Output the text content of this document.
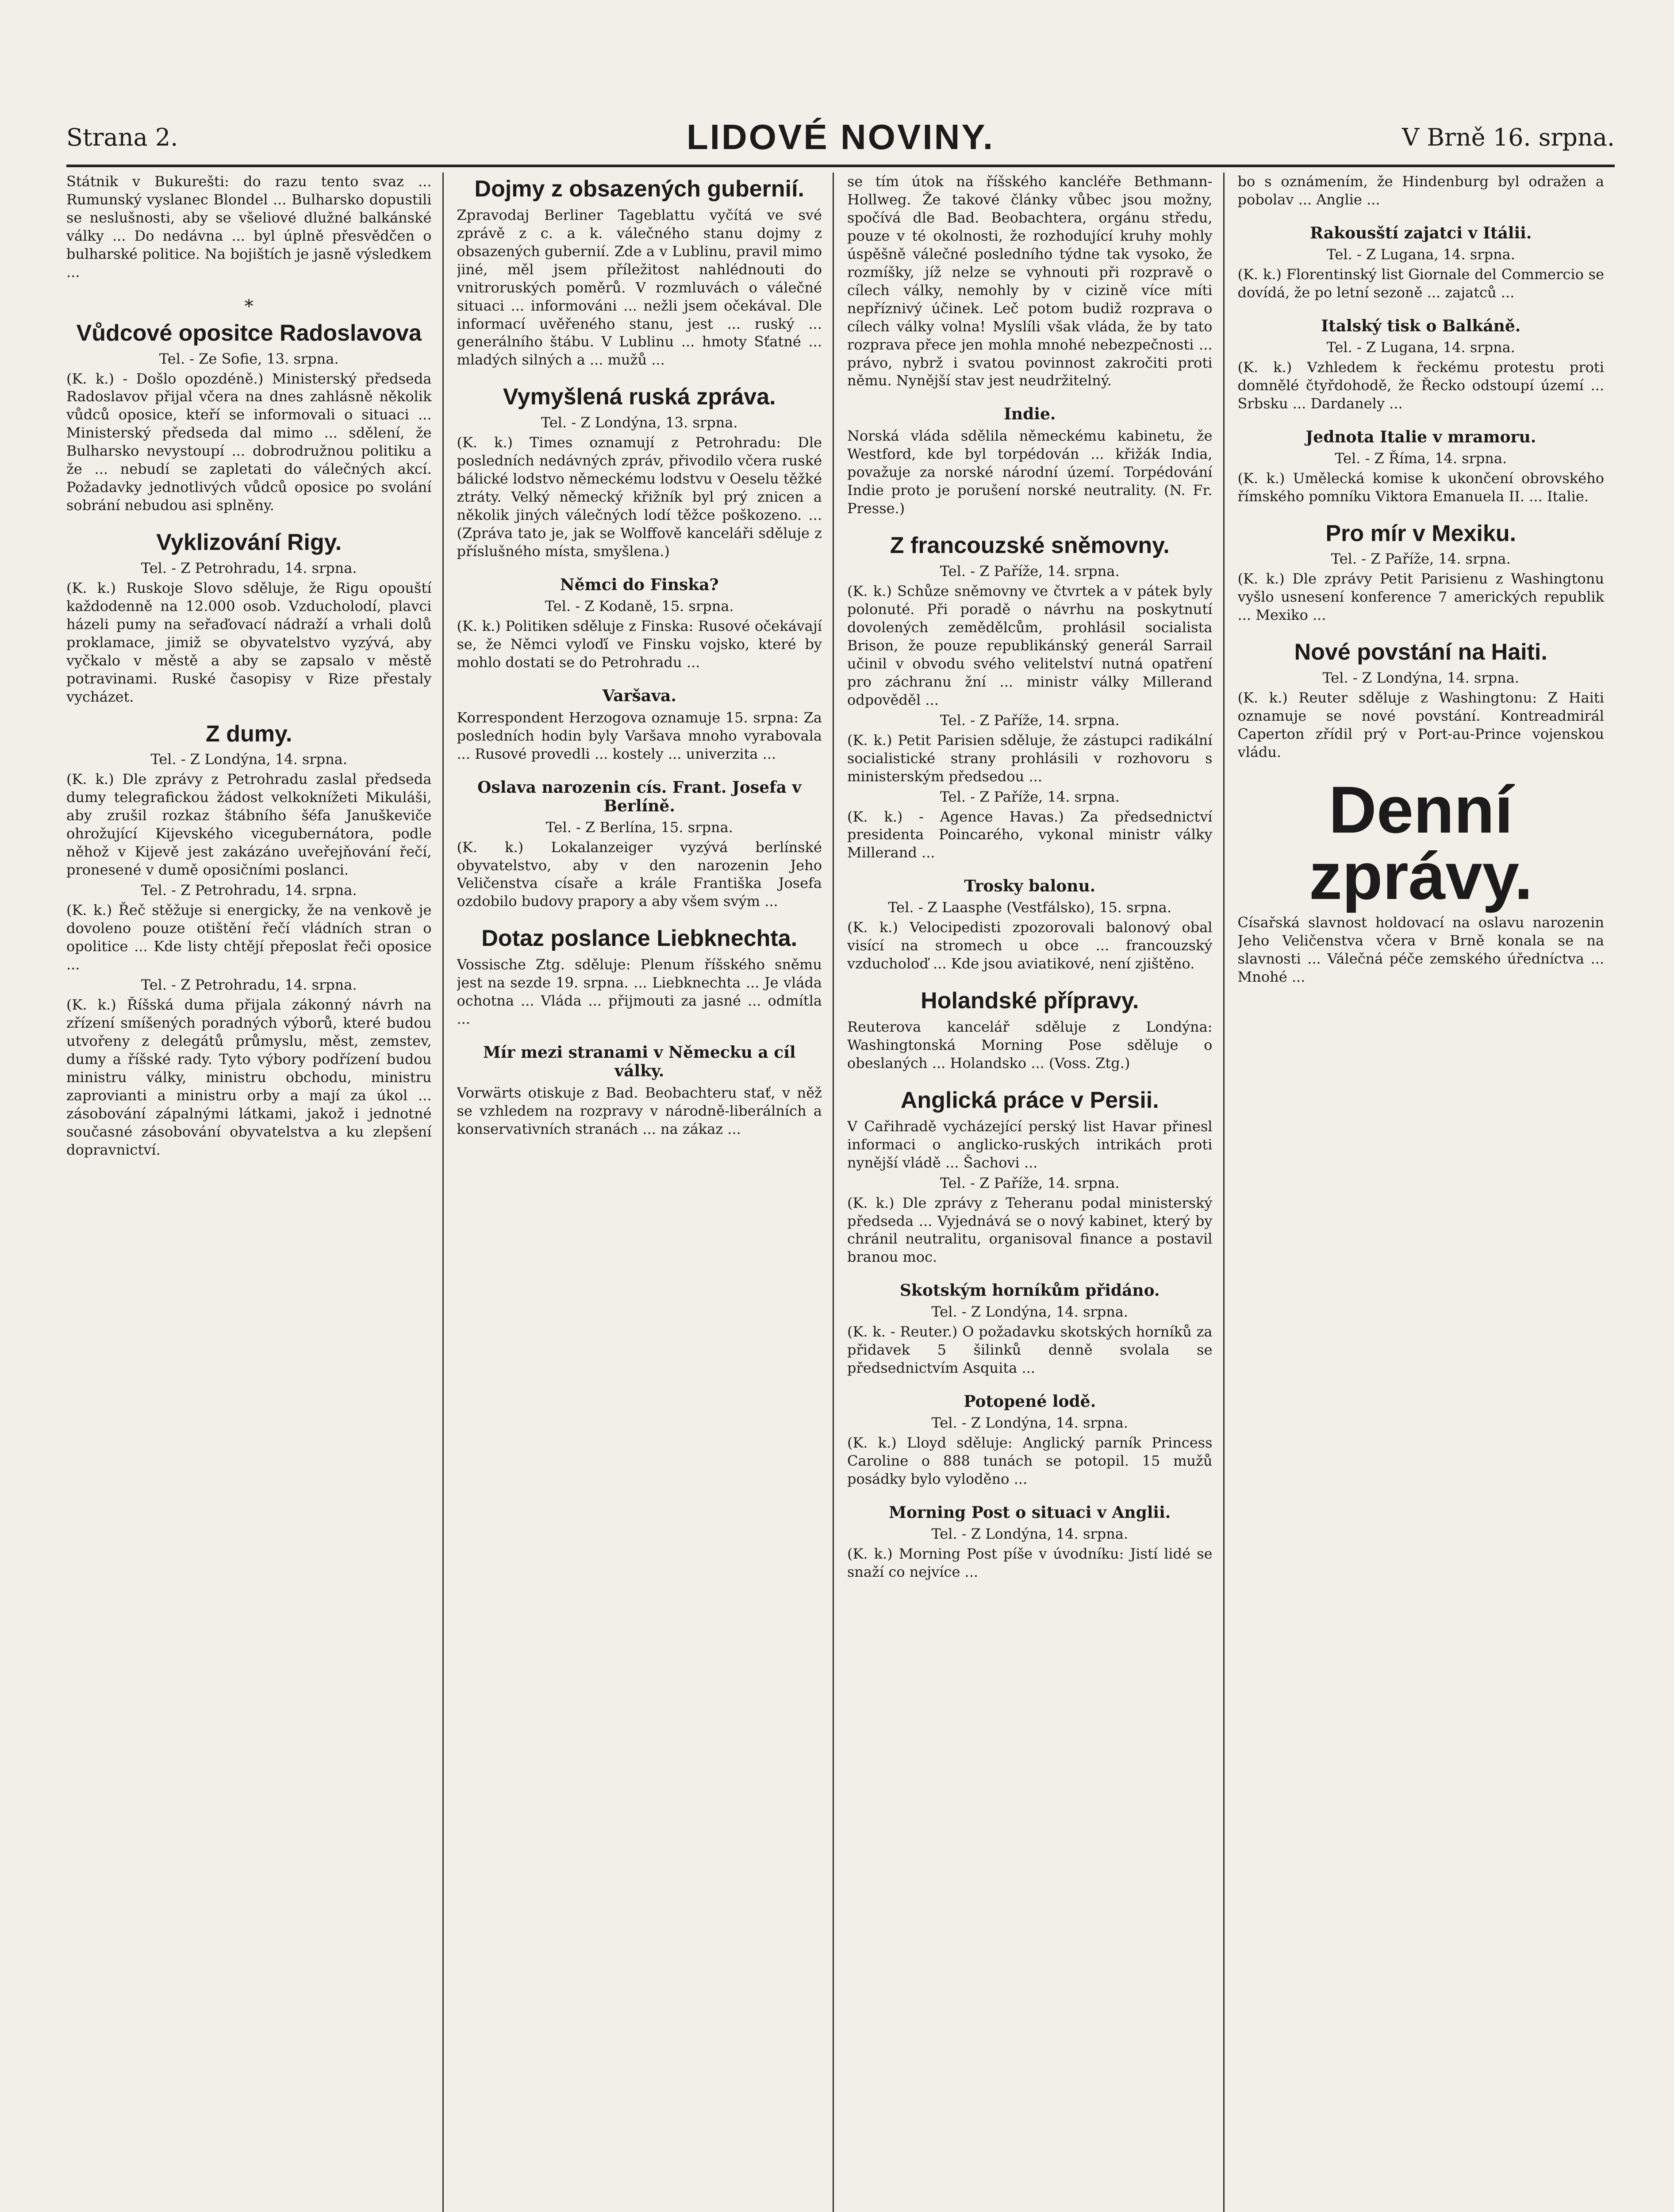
Strana 2.	LIDOVÉ NOVINY.	V Brně 16. srpna.
Státnik v Bukurešti: do razu tento svaz ... Rumunský vyslanec Blondel ... Bulharsko dopustili se neslušnosti, aby se všeliové dlužné balkánské války ... Do nedávna ... byl úplně přesvědčen o bulharské politice. Na bojištích je jasně výsledkem ...
*
Vůdcové opositce Radoslavova
Tel. - Ze Sofie, 13. srpna.
(K. k.) - Došlo opozdéně.) Ministerský předseda Radoslavov přijal včera na dnes zahlásně několik vůdců oposice, kteří se informovali o situaci ... Ministerský předseda dal mimo ... sdělení, že Bulharsko nevystoupí ... dobrodružnou politiku a že ... nebudí se zapletati do válečných akcí. Požadavky jednotlivých vůdců oposice po svolání sobrání nebudou asi splněny.
Vyklizování Rigy.
Tel. - Z Petrohradu, 14. srpna.
(K. k.) Ruskoje Slovo sděluje, že Rigu opouští každodenně na 12.000 osob. Vzducholodí, plavci házeli pumy na seřaďovací nádraží a vrhali dolů proklamace, jimiž se obyvatelstvo vyzývá, aby vyčkalo v městě a aby se zapsalo v městě potravinami. Ruské časopisy v Rize přestaly vycházet.
Z dumy.
Tel. - Z Londýna, 14. srpna.
(K. k.) Dle zprávy z Petrohradu zaslal předseda dumy telegrafickou žádost velkoknížeti Mikuláši, aby zrušil rozkaz štábního šéfa Januškeviče ohrožující Kijevského vicegubernátora, podle něhož v Kijevě jest zakázáno uveřejňování řečí, pronesené v dumě oposičními poslanci.
Tel. - Z Petrohradu, 14. srpna.
(K. k.) Řeč stěžuje si energicky, že na venkově je dovoleno pouze otištění řečí vládních stran o opolitice ... Kde listy chtějí přeposlat řeči oposice ...
Tel. - Z Petrohradu, 14. srpna.
(K. k.) Říšská duma přijala zákonný návrh na zřízení smíšených poradných výborů, které budou utvořeny z delegátů průmyslu, měst, zemstev, dumy a říšské rady. Tyto výbory podřízení budou ministru války, ministru obchodu, ministru zaprovianti a ministru orby a mají za úkol ... zásobování zápalnými látkami, jakož i jednotné současné zásobování obyvatelstva a ku zlepšení dopravnictví.
Dojmy z obsazených gubernií.
Zpravodaj Berliner Tageblattu vyčítá ve své zprávě z c. a k. válečného stanu dojmy z obsazených gubernií. Zde a v Lublinu, pravil mimo jiné, měl jsem příležitost nahlédnouti do vnitroruských poměrů. V rozmluvách o válečné situaci ... informováni ... nežli jsem očekával. Dle informací uvěřeného stanu, jest ... ruský ... generálního štábu. V Lublinu ... hmoty Sťatné ... mladých silných a ... mužů ...
Vymyšlená ruská zpráva.
Tel. - Z Londýna, 13. srpna.
(K. k.) Times oznamují z Petrohradu: Dle posledních nedávných zpráv, přivodilo včera ruské bálické lodstvo německému lodstvu v Oeselu těžké ztráty. Velký německý křižník byl prý znicen a několik jiných válečných lodí těžce poškozeno. ... (Zpráva tato je, jak se Wolffově kanceláři sděluje z příslušného místa, smyšlena.)
Němci do Finska?
Tel. - Z Kodaně, 15. srpna.
(K. k.) Politiken sděluje z Finska: Rusové očekávají se, že Němci vyloďí ve Finsku vojsko, které by mohlo dostati se do Petrohradu ...
Varšava.
Korrespondent Herzogova oznamuje 15. srpna: Za posledních hodin byly Varšava mnoho vyrabovala ... Rusové provedli ... kostely ... univerzita ...
Oslava narozenin cís. Frant. Josefa v Berlíně.
Tel. - Z Berlína, 15. srpna.
(K. k.) Lokalanzeiger vyzývá berlínské obyvatelstvo, aby v den narozenin Jeho Veličenstva císaře a krále Františka Josefa ozdobilo budovy prapory a aby všem svým ...
Dotaz poslance Liebknechta.
Vossische Ztg. sděluje: Plenum říšského sněmu jest na sezde 19. srpna. ... Liebknechta ... Je vláda ochotna ... Vláda ... přijmouti za jasné ... odmítla ...
Mír mezi stranami v Německu a cíl války.
Vorwärts otiskuje z Bad. Beobachteru stať, v něž se vzhledem na rozpravy v národně-liberálních a konservativních stranách ... na zákaz ...
se tím útok na říšského kancléře Bethmann-Hollweg. Že takové články vůbec jsou možny, spočívá dle Bad. Beobachtera, orgánu středu, pouze v té okolnosti, že rozhodující kruhy mohly úspěšně válečné posledního týdne tak vysoko, že rozmíšky, jíž nelze se vyhnouti při rozpravě o cílech války, nemohly by v cizině více míti nepříznivý účinek. Leč potom budiž rozprava o cílech války volna! Myslíli však vláda, že by tato rozprava přece jen mohla mnohé nebezpečnosti ... právo, nybrž i svatou povinnost zakročiti proti němu. Nynější stav jest neudržitelný.
Indie.
Norská vláda sdělila německému kabinetu, že Westford, kde byl torpédován ... křižák India, považuje za norské národní území. Torpédování Indie proto je porušení norské neutrality. (N. Fr. Presse.)
Z francouzské sněmovny.
Tel. - Z Paříže, 14. srpna.
(K. k.) Schůze sněmovny ve čtvrtek a v pátek byly polonuté. Při poradě o návrhu na poskytnutí dovolených zemědělcům, prohlásil socialista Brison, že pouze republikánský generál Sarrail učinil v obvodu svého velitelství nutná opatření pro záchranu žní ... ministr války Millerand odpověděl ...
Tel. - Z Paříže, 14. srpna.
(K. k.) Petit Parisien sděluje, že zástupci radikální socialistické strany prohlásili v rozhovoru s ministerským předsedou ...
Tel. - Z Paříže, 14. srpna.
(K. k.) - Agence Havas.) Za předsednictví presidenta Poincarého, vykonal ministr války Millerand ...
Trosky balonu.
Tel. - Z Laasphe (Vestfálsko), 15. srpna.
(K. k.) Velocipedisti zpozorovali balonový obal visící na stromech u obce ... francouzský vzducholoď ... Kde jsou aviatikové, není zjištěno.
Holandské přípravy.
Reuterova kancelář sděluje z Londýna: Washingtonská Morning Pose sděluje o obeslaných ... Holandsko ... (Voss. Ztg.)
Anglická práce v Persii.
V Cařihradě vycházející perský list Havar přinesl informaci o anglicko-ruských intrikách proti nynější vládě ... Šachovi ...
Tel. - Z Paříže, 14. srpna.
(K. k.) Dle zprávy z Teheranu podal ministerský předseda ... Vyjednává se o nový kabinet, který by chránil neutralitu, organisoval finance a postavil branou moc.
Skotským horníkům přidáno.
Tel. - Z Londýna, 14. srpna.
(K. k. - Reuter.) O požadavku skotských horníků za přidavek 5 šilinků denně svolala se předsednictvím Asquita ...
Potopené lodě.
Tel. - Z Londýna, 14. srpna.
(K. k.) Lloyd sděluje: Anglický parník Princess Caroline o 888 tunách se potopil. 15 mužů posádky bylo vyloděno ...
Morning Post o situaci v Anglii.
Tel. - Z Londýna, 14. srpna.
(K. k.) Morning Post píše v úvodníku: Jistí lidé se snaží co nejvíce ...
bo s oznámením, že Hindenburg byl odražen a pobolav ... Anglie ...
Rakousští zajatci v Itálii.
Tel. - Z Lugana, 14. srpna.
(K. k.) Florentinský list Giornale del Commercio se dovídá, že po letní sezoně ... zajatců ...
Italský tisk o Balkáně.
Tel. - Z Lugana, 14. srpna.
(K. k.) Vzhledem k řeckému protestu proti domnělé čtyřdohodě, že Řecko odstoupí území ... Srbsku ... Dardanely ...
Jednota Italie v mramoru.
Tel. - Z Říma, 14. srpna.
(K. k.) Umělecká komise k ukončení obrovského římského pomníku Viktora Emanuela II. ... Italie.
Pro mír v Mexiku.
Tel. - Z Paříže, 14. srpna.
(K. k.) Dle zprávy Petit Parisienu z Washingtonu vyšlo usnesení konference 7 amerických republik ... Mexiko ...
Nové povstání na Haiti.
Tel. - Z Londýna, 14. srpna.
(K. k.) Reuter sděluje z Washingtonu: Z Haiti oznamuje se nové povstání. Kontreadmirál Caperton zřídil prý v Port-au-Prince vojenskou vládu.
Denní zprávy.
Císařská slavnost holdovací na oslavu narozenin Jeho Veličenstva včera v Brně konala se na slavnosti ... Válečná péče zemského úředníctva ... Mnohé ...
